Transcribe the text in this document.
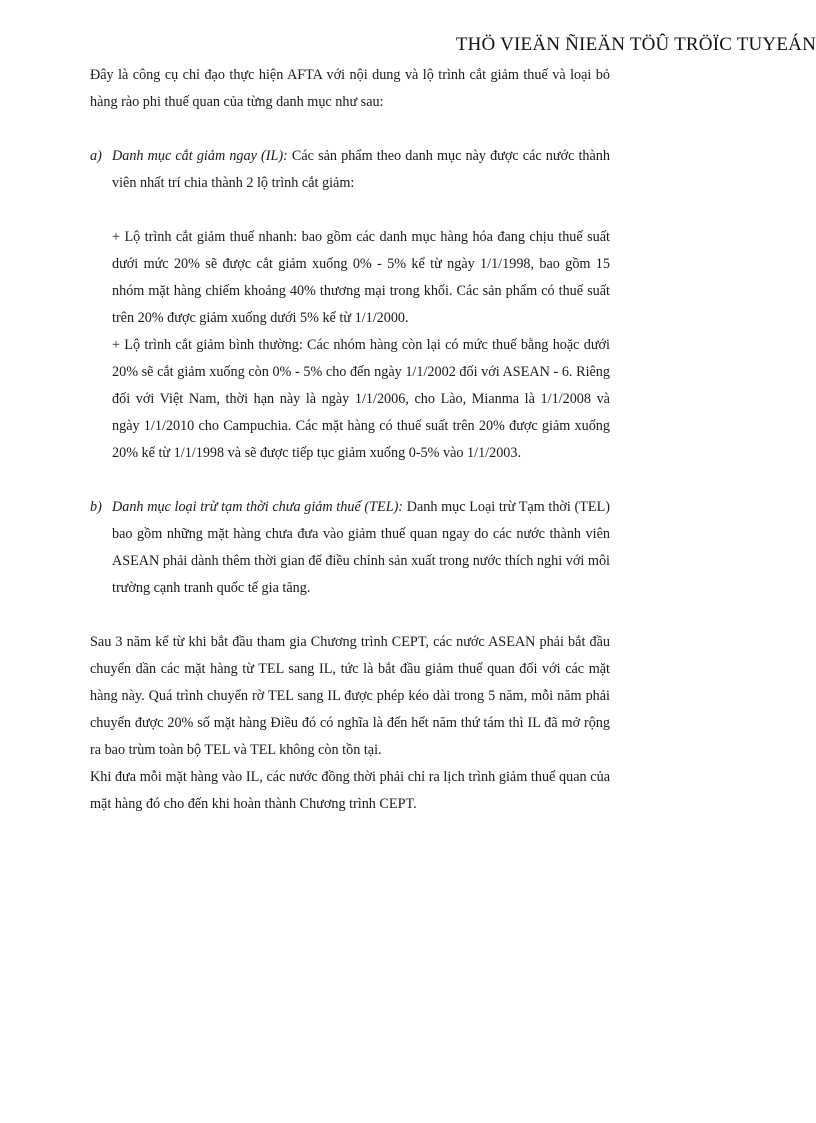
THÖ VIEÄN ÑIEÄN TÖÛ TRÖÏC TUYEÁN

Đây là công cụ chỉ đạo thực hiện AFTA với nội dung và lộ trình cắt giảm thuế và loại bỏ hàng rào phi thuế quan của từng danh mục như sau:

a) Danh mục cắt giảm ngay (IL): Các sản phẩm theo danh mục này được các nước thành viên nhất trí chia thành 2 lộ trình cắt giảm:

+ Lộ trình cắt giảm thuế nhanh: bao gồm các danh mục hàng hóa đang chịu thuế suất dưới mức 20% sẽ được cắt giảm xuống 0% - 5% kể từ ngày 1/1/1998, bao gồm 15 nhóm mặt hàng chiếm khoảng 40% thương mại trong khối. Các sản phẩm có thuế suất trên 20% được giảm xuống dưới 5% kể từ 1/1/2000.

+ Lộ trình cắt giảm bình thường: Các nhóm hàng còn lại có mức thuế bằng hoặc dưới 20% sẽ cắt giảm xuống còn 0% - 5% cho đến ngày 1/1/2002 đối với ASEAN - 6. Riêng đối với Việt Nam, thời hạn này là ngày 1/1/2006, cho Lào, Mianma là 1/1/2008 và ngày 1/1/2010 cho Campuchia. Các mặt hàng có thuế suất trên 20% được giảm xuống 20% kể từ 1/1/1998 và sẽ được tiếp tục giảm xuống 0-5% vào 1/1/2003.

b) Danh mục loại trừ tạm thời chưa giảm thuế (TEL): Danh mục Loại trừ Tạm thời (TEL) bao gồm những mặt hàng chưa đưa vào giảm thuế quan ngay do các nước thành viên ASEAN phải dành thêm thời gian để điều chỉnh sản xuất trong nước thích nghi với môi trường cạnh tranh quốc tế gia tăng.

Sau 3 năm kể từ khi bắt đầu tham gia Chương trình CEPT, các nước ASEAN phải bắt đầu chuyển dần các mặt hàng từ TEL sang IL, tức là bắt đầu giảm thuế quan đối với các mặt hàng này. Quá trình chuyển rờ TEL sang IL được phép kéo dài trong 5 năm, mỗi năm phải chuyển được 20% số mặt hàng Điều đó có nghĩa là đến hết năm thứ tám thì IL đã mở rộng ra bao trùm toàn bộ TEL và TEL không còn tồn tại.

Khi đưa mỗi mặt hàng vào IL, các nước đồng thời phải chỉ ra lịch trình giảm thuế quan của mặt hàng đó cho đến khi hoàn thành Chương trình CEPT.
